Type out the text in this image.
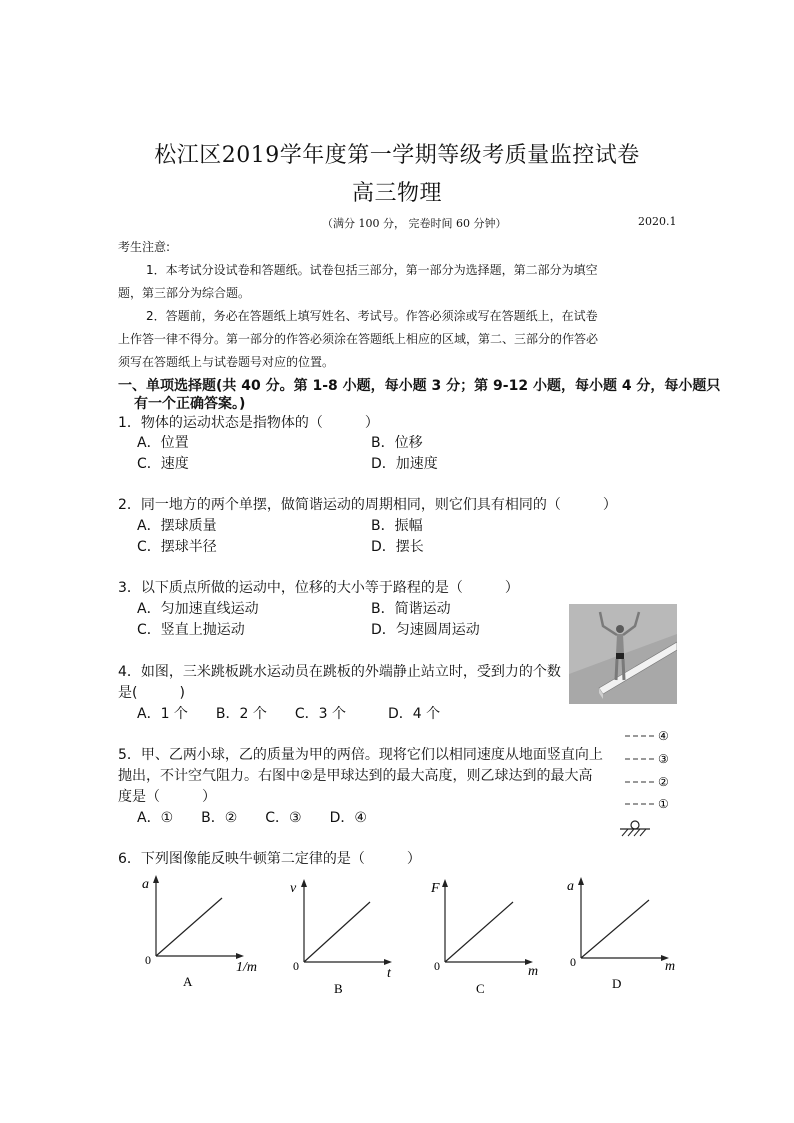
松江区2019学年度第一学期等级考质量监控试卷
高三物理
（满分 100 分， 完卷时间 60 分钟）	2020.1
考生注意:
1．本考试分设试卷和答题纸。试卷包括三部分，第一部分为选择题，第二部分为填空
题，第三部分为综合题。
2．答题前，务必在答题纸上填写姓名、考试号。作答必须涂或写在答题纸上，在试卷
上作答一律不得分。第一部分的作答必须涂在答题纸上相应的区域，第二、三部分的作答必
须写在答题纸上与试卷题号对应的位置。
一、单项选择题(共 40 分。第 1-8 小题，每小题 3 分；第 9-12 小题，每小题 4 分，每小题只
有一个正确答案。)
1．物体的运动状态是指物体的（　　　）
A．位置	B．位移
C．速度	D．加速度
2．同一地方的两个单摆，做简谐运动的周期相同，则它们具有相同的（　　　）
A．摆球质量	B．振幅
C．摆球半径	D．摆长
3．以下质点所做的运动中，位移的大小等于路程的是（　　　）
A．匀加速直线运动	B．简谐运动
C．竖直上抛运动	D．匀速圆周运动
4．如图，三米跳板跳水运动员在跳板的外端静止站立时，受到力的个数
是(　　　)
A．1 个　　B．2 个　　C．3 个　　　D．4 个
5．甲、乙两小球，乙的质量为甲的两倍。现将它们以相同速度从地面竖直向上
抛出，不计空气阻力。右图中②是甲球达到的最大高度，则乙球达到的最大高
度是（　　　）
A．①　　B．②　　C．③　　D．④
④
③
②
①
6．下列图像能反映牛顿第二定律的是（　　　）
a
0	1/m
A
v
0	t
B
F
0	m
C
a
0	m
D
